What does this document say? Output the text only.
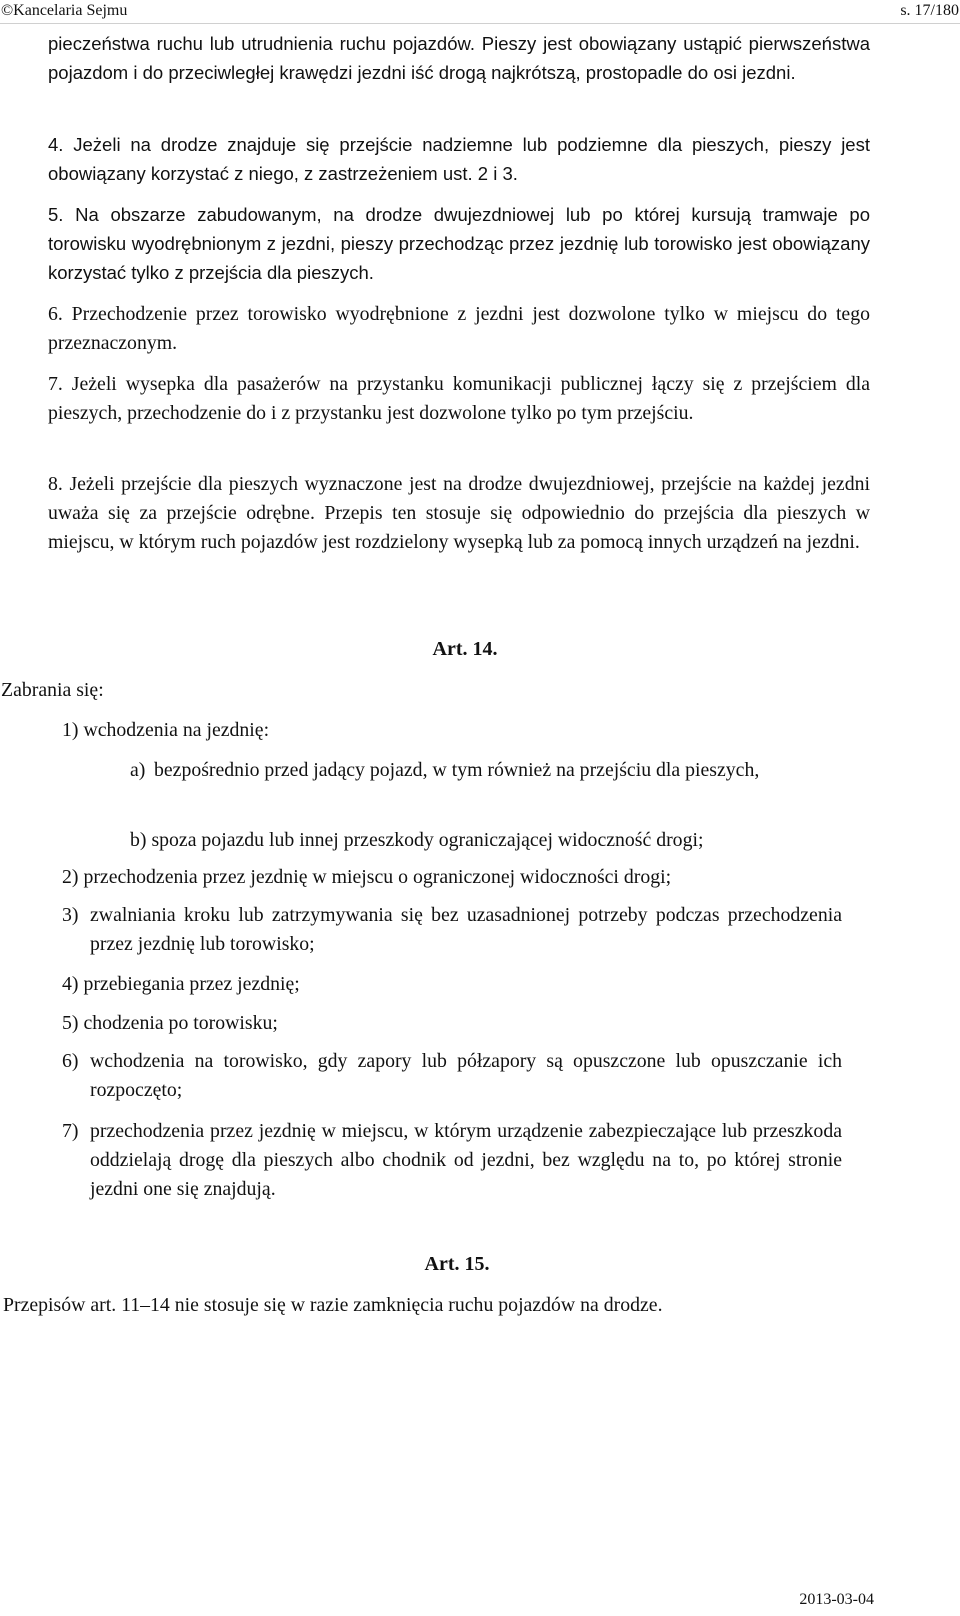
©Kancelaria Sejmu	s. 17/180
pieczeństwa ruchu lub utrudnienia ruchu pojazdów. Pieszy jest obowiązany ustąpić pierwszeństwa pojazdom i do przeciwległej krawędzi jezdni iść drogą najkrótszą, prostopadle do osi jezdni.
4. Jeżeli na drodze znajduje się przejście nadziemne lub podziemne dla pieszych, pieszy jest obowiązany korzystać z niego, z zastrzeżeniem ust. 2 i 3.
5. Na obszarze zabudowanym, na drodze dwujezdniowej lub po której kursują tramwaje po torowisku wyodrębnionym z jezdni, pieszy przechodząc przez jezdnię lub torowisko jest obowiązany korzystać tylko z przejścia dla pieszych.
6. Przechodzenie przez torowisko wyodrębnione z jezdni jest dozwolone tylko w miejscu do tego przeznaczonym.
7. Jeżeli wysepka dla pasażerów na przystanku komunikacji publicznej łączy się z przejściem dla pieszych, przechodzenie do i z przystanku jest dozwolone tylko po tym przejściu.
8. Jeżeli przejście dla pieszych wyznaczone jest na drodze dwujezdniowej, przejście na każdej jezdni uważa się za przejście odrębne. Przepis ten stosuje się odpowiednio do przejścia dla pieszych w miejscu, w którym ruch pojazdów jest rozdzielony wysepką lub za pomocą innych urządzeń na jezdni.
Art. 14.
Zabrania się:
1) wchodzenia na jezdnię:
a) bezpośrednio przed jadący pojazd, w tym również na przejściu dla pieszych,
b) spoza pojazdu lub innej przeszkody ograniczającej widoczność drogi;
2) przechodzenia przez jezdnię w miejscu o ograniczonej widoczności drogi;
3) zwalniania kroku lub zatrzymywania się bez uzasadnionej potrzeby podczas przechodzenia przez jezdnię lub torowisko;
4) przebiegania przez jezdnię;
5) chodzenia po torowisku;
6) wchodzenia na torowisko, gdy zapory lub półzapory są opuszczone lub opuszczanie ich rozpoczęto;
7) przechodzenia przez jezdnię w miejscu, w którym urządzenie zabezpieczające lub przeszkoda oddzielają drogę dla pieszych albo chodnik od jezdni, bez względu na to, po której stronie jezdni one się znajdują.
Art. 15.
Przepisów art. 11–14 nie stosuje się w razie zamknięcia ruchu pojazdów na drodze.
2013-03-04
